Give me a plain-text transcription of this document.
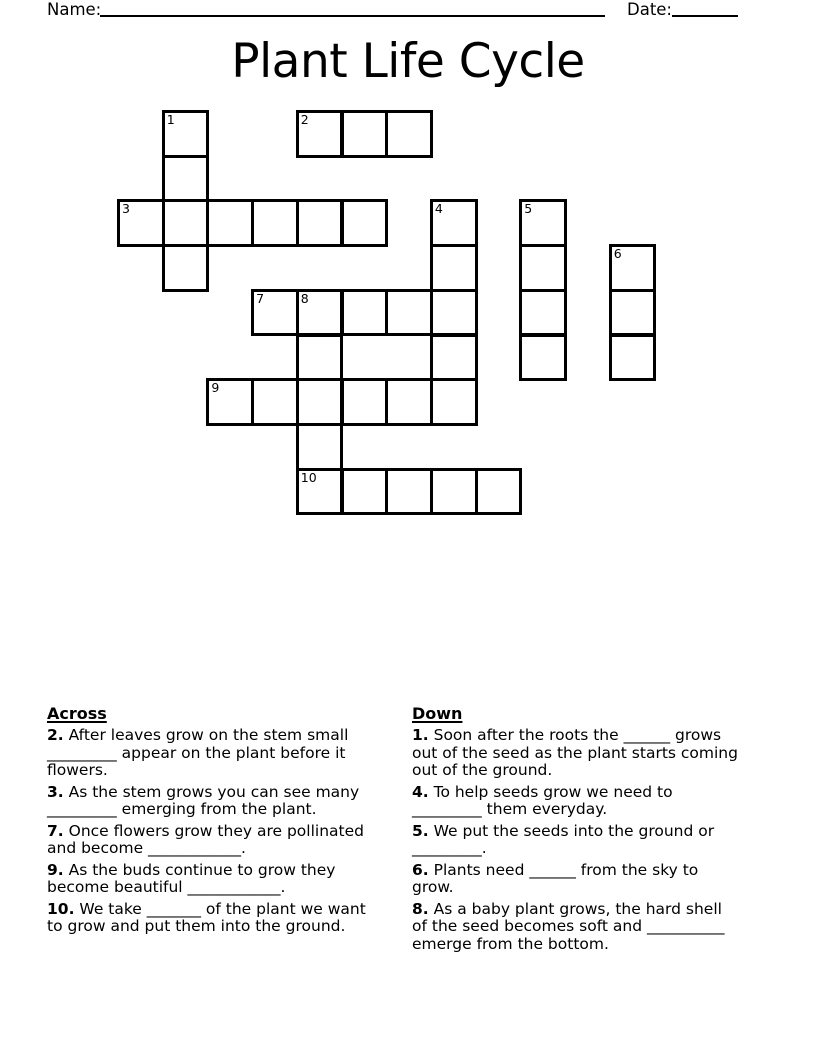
Name:	Date:
Plant Life Cycle
1	2
3	4	5
6
7	8
9
10
Across
2. After leaves grow on the stem small
_________ appear on the plant before it
flowers.
3. As the stem grows you can see many
_________ emerging from the plant.
7. Once flowers grow they are pollinated
and become ____________.
9. As the buds continue to grow they
become beautiful ____________.
10. We take _______ of the plant we want
to grow and put them into the ground.
Down
1. Soon after the roots the ______ grows
out of the seed as the plant starts coming
out of the ground.
4. To help seeds grow we need to
_________ them everyday.
5. We put the seeds into the ground or
_________.
6. Plants need ______ from the sky to
grow.
8. As a baby plant grows, the hard shell
of the seed becomes soft and __________
emerge from the bottom.
